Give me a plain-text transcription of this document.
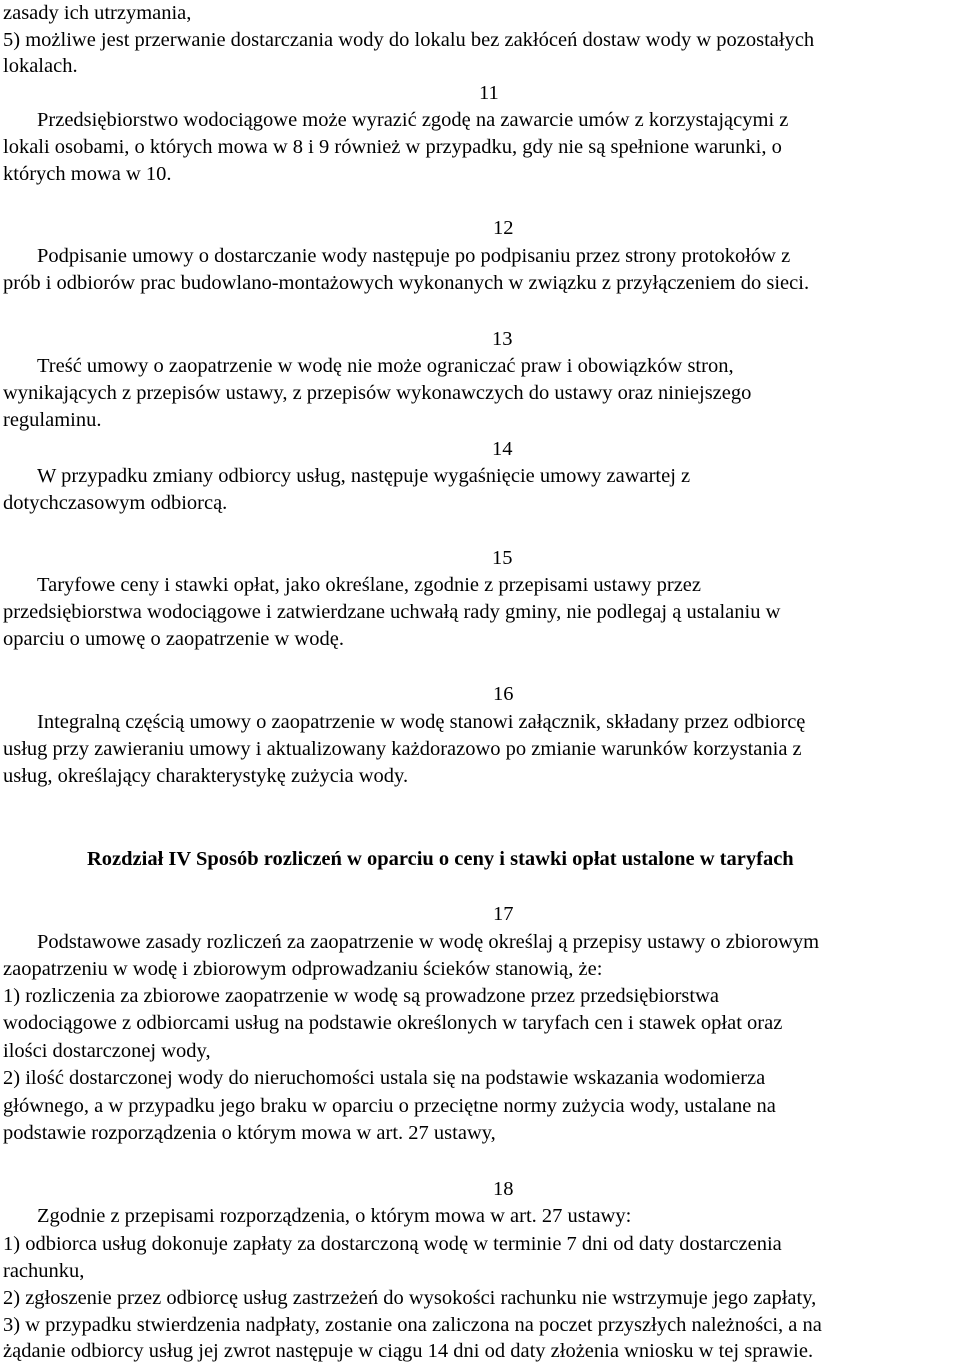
zasady ich utrzymania,
5) możliwe jest przerwanie dostarczania wody do lokalu bez zakłóceń dostaw wody w pozostałych
lokalach.
11
Przedsiębiorstwo wodociągowe może wyrazić zgodę na zawarcie umów z korzystającymi z
lokali osobami, o których mowa w 8 i 9 również w przypadku, gdy nie są spełnione warunki, o
których mowa w 10.
12
Podpisanie umowy o dostarczanie wody następuje po podpisaniu przez strony protokołów z
prób i odbiorów prac budowlano-montażowych wykonanych w związku z przyłączeniem do sieci.
13
Treść umowy o zaopatrzenie w wodę nie może ograniczać praw i obowiązków stron,
wynikających z przepisów ustawy, z przepisów wykonawczych do ustawy oraz niniejszego
regulaminu.
14
W przypadku zmiany odbiorcy usług, następuje wygaśnięcie umowy zawartej z
dotychczasowym odbiorcą.
15
Taryfowe ceny i stawki opłat, jako określane, zgodnie z przepisami ustawy przez
przedsiębiorstwa wodociągowe i zatwierdzane uchwałą rady gminy, nie podlegaj ą ustalaniu w
oparciu o umowę o zaopatrzenie w wodę.
16
Integralną częścią umowy o zaopatrzenie w wodę stanowi załącznik, składany przez odbiorcę
usług przy zawieraniu umowy i aktualizowany każdorazowo po zmianie warunków korzystania z
usług, określający charakterystykę zużycia wody.
Rozdział IV Sposób rozliczeń w oparciu o ceny i stawki opłat ustalone w taryfach
17
Podstawowe zasady rozliczeń za zaopatrzenie w wodę określaj ą przepisy ustawy o zbiorowym
zaopatrzeniu w wodę i zbiorowym odprowadzaniu ścieków stanowią, że:
1) rozliczenia za zbiorowe zaopatrzenie w wodę są prowadzone przez przedsiębiorstwa
wodociągowe z odbiorcami usług na podstawie określonych w taryfach cen i stawek opłat oraz
ilości dostarczonej wody,
2) ilość dostarczonej wody do nieruchomości ustala się na podstawie wskazania wodomierza
głównego, a w przypadku jego braku w oparciu o przeciętne normy zużycia wody, ustalane na
podstawie rozporządzenia o którym mowa w art. 27 ustawy,
18
Zgodnie z przepisami rozporządzenia, o którym mowa w art. 27 ustawy:
1) odbiorca usług dokonuje zapłaty za dostarczoną wodę w terminie 7 dni od daty dostarczenia
rachunku,
2) zgłoszenie przez odbiorcę usług zastrzeżeń do wysokości rachunku nie wstrzymuje jego zapłaty,
3) w przypadku stwierdzenia nadpłaty, zostanie ona zaliczona na poczet przyszłych należności, a na
żądanie odbiorcy usług jej zwrot następuje w ciągu 14 dni od daty złożenia wniosku w tej sprawie.
